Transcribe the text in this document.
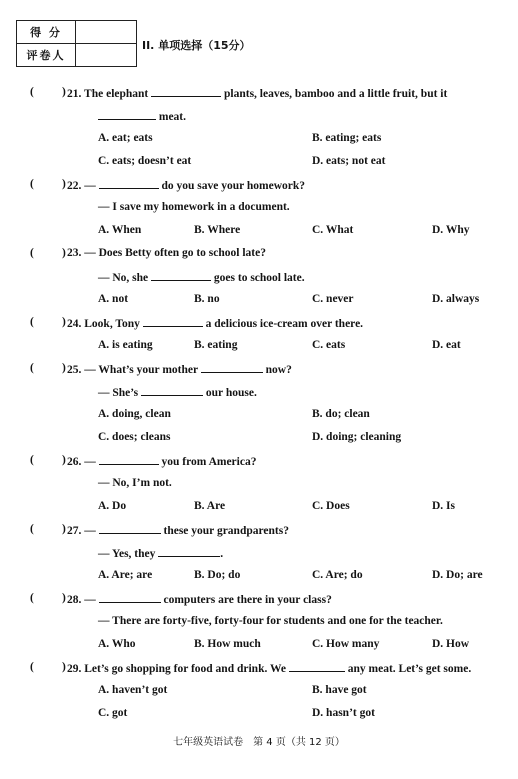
得 分	
评卷人	
II. 单项选择（15分）
( ) 21. The elephant	plants, leaves, bamboo and a little fruit, but it
meat.
A. eat; eats	B. eating; eats
C. eats; doesn’t eat	D. eats; not eat
( ) 22. —	do you save your homework?
— I save my homework in a document.
A. When	B. Where	C. What	D. Why
( ) 23. — Does Betty often go to school late?
— No, she	goes to school late.
A. not	B. no	C. never	D. always
( ) 24. Look, Tony	a delicious ice-cream over there.
A. is eating	B. eating	C. eats	D. eat
( ) 25. — What’s your mother	now?
— She’s	our house.
A. doing, clean	B. do; clean
C. does; cleans	D. doing; cleaning
( ) 26. —	you from America?
— No, I’m not.
A. Do	B. Are	C. Does	D. Is
( ) 27. —	these your grandparents?
— Yes, they	.
A. Are; are	B. Do; do	C. Are; do	D. Do; are
( ) 28. —	computers are there in your class?
— There are forty-five, forty-four for students and one for the teacher.
A. Who	B. How much	C. How many	D. How
( ) 29. Let’s go shopping for food and drink. We	any meat. Let’s get some.
A. haven’t got	B. have got
C. got	D. hasn’t got
七年级英语试卷　第 4 页（共 12 页）
